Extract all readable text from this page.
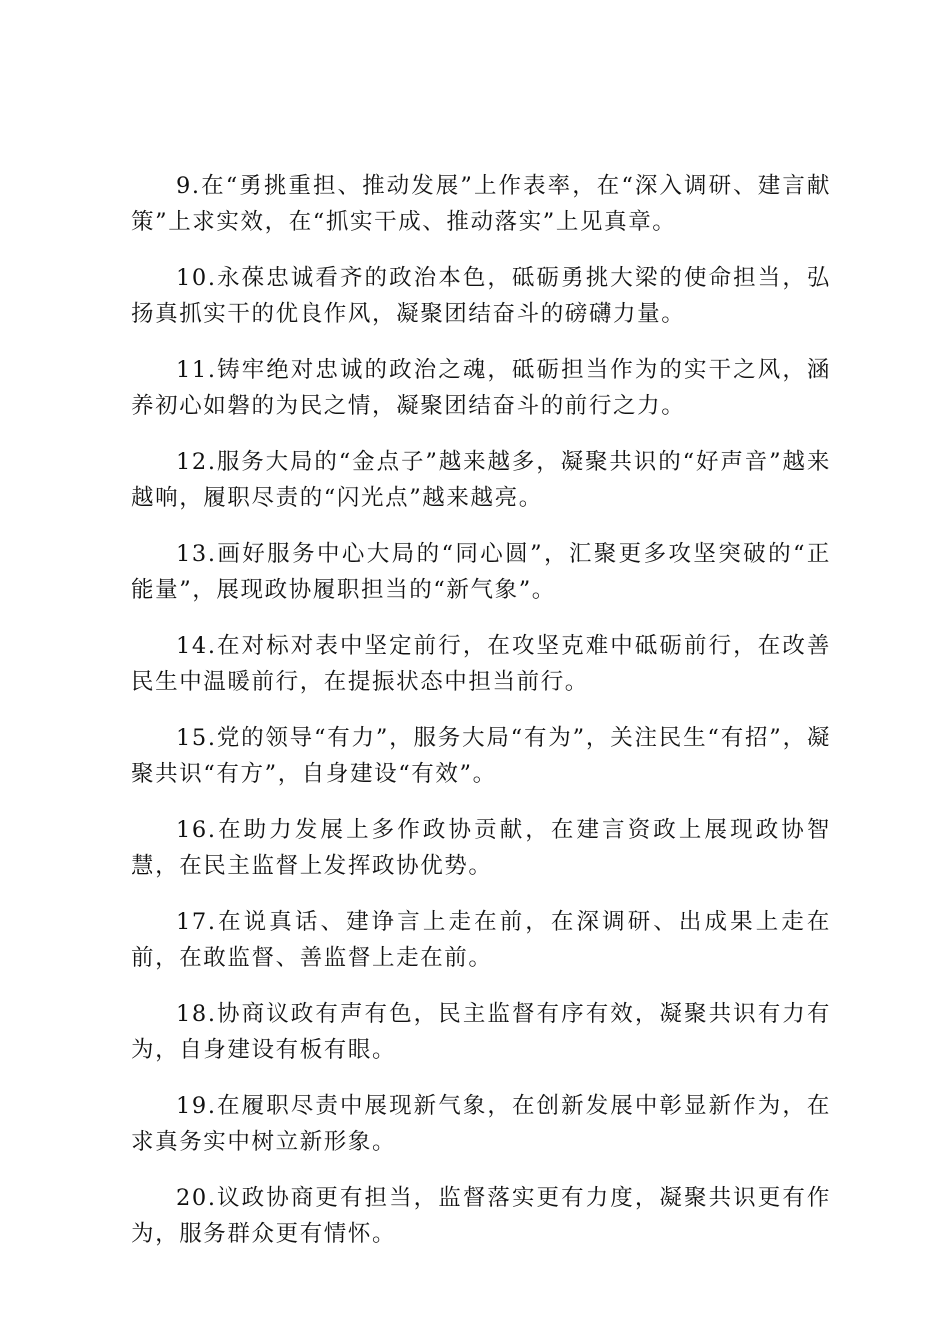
9.在“勇挑重担、推动发展”上作表率，在“深入调研、建言献策”上求实效，在“抓实干成、推动落实”上见真章。

10.永葆忠诚看齐的政治本色，砥砺勇挑大梁的使命担当，弘扬真抓实干的优良作风，凝聚团结奋斗的磅礴力量。

11.铸牢绝对忠诚的政治之魂，砥砺担当作为的实干之风，涵养初心如磐的为民之情，凝聚团结奋斗的前行之力。

12.服务大局的“金点子”越来越多，凝聚共识的“好声音”越来越响，履职尽责的“闪光点”越来越亮。

13.画好服务中心大局的“同心圆”，汇聚更多攻坚突破的“正能量”，展现政协履职担当的“新气象”。

14.在对标对表中坚定前行，在攻坚克难中砥砺前行，在改善民生中温暖前行，在提振状态中担当前行。

15.党的领导“有力”，服务大局“有为”，关注民生“有招”，凝聚共识“有方”，自身建设“有效”。

16.在助力发展上多作政协贡献，在建言资政上展现政协智慧，在民主监督上发挥政协优势。

17.在说真话、建诤言上走在前，在深调研、出成果上走在前，在敢监督、善监督上走在前。

18.协商议政有声有色，民主监督有序有效，凝聚共识有力有为，自身建设有板有眼。

19.在履职尽责中展现新气象，在创新发展中彰显新作为，在求真务实中树立新形象。

20.议政协商更有担当，监督落实更有力度，凝聚共识更有作为，服务群众更有情怀。
